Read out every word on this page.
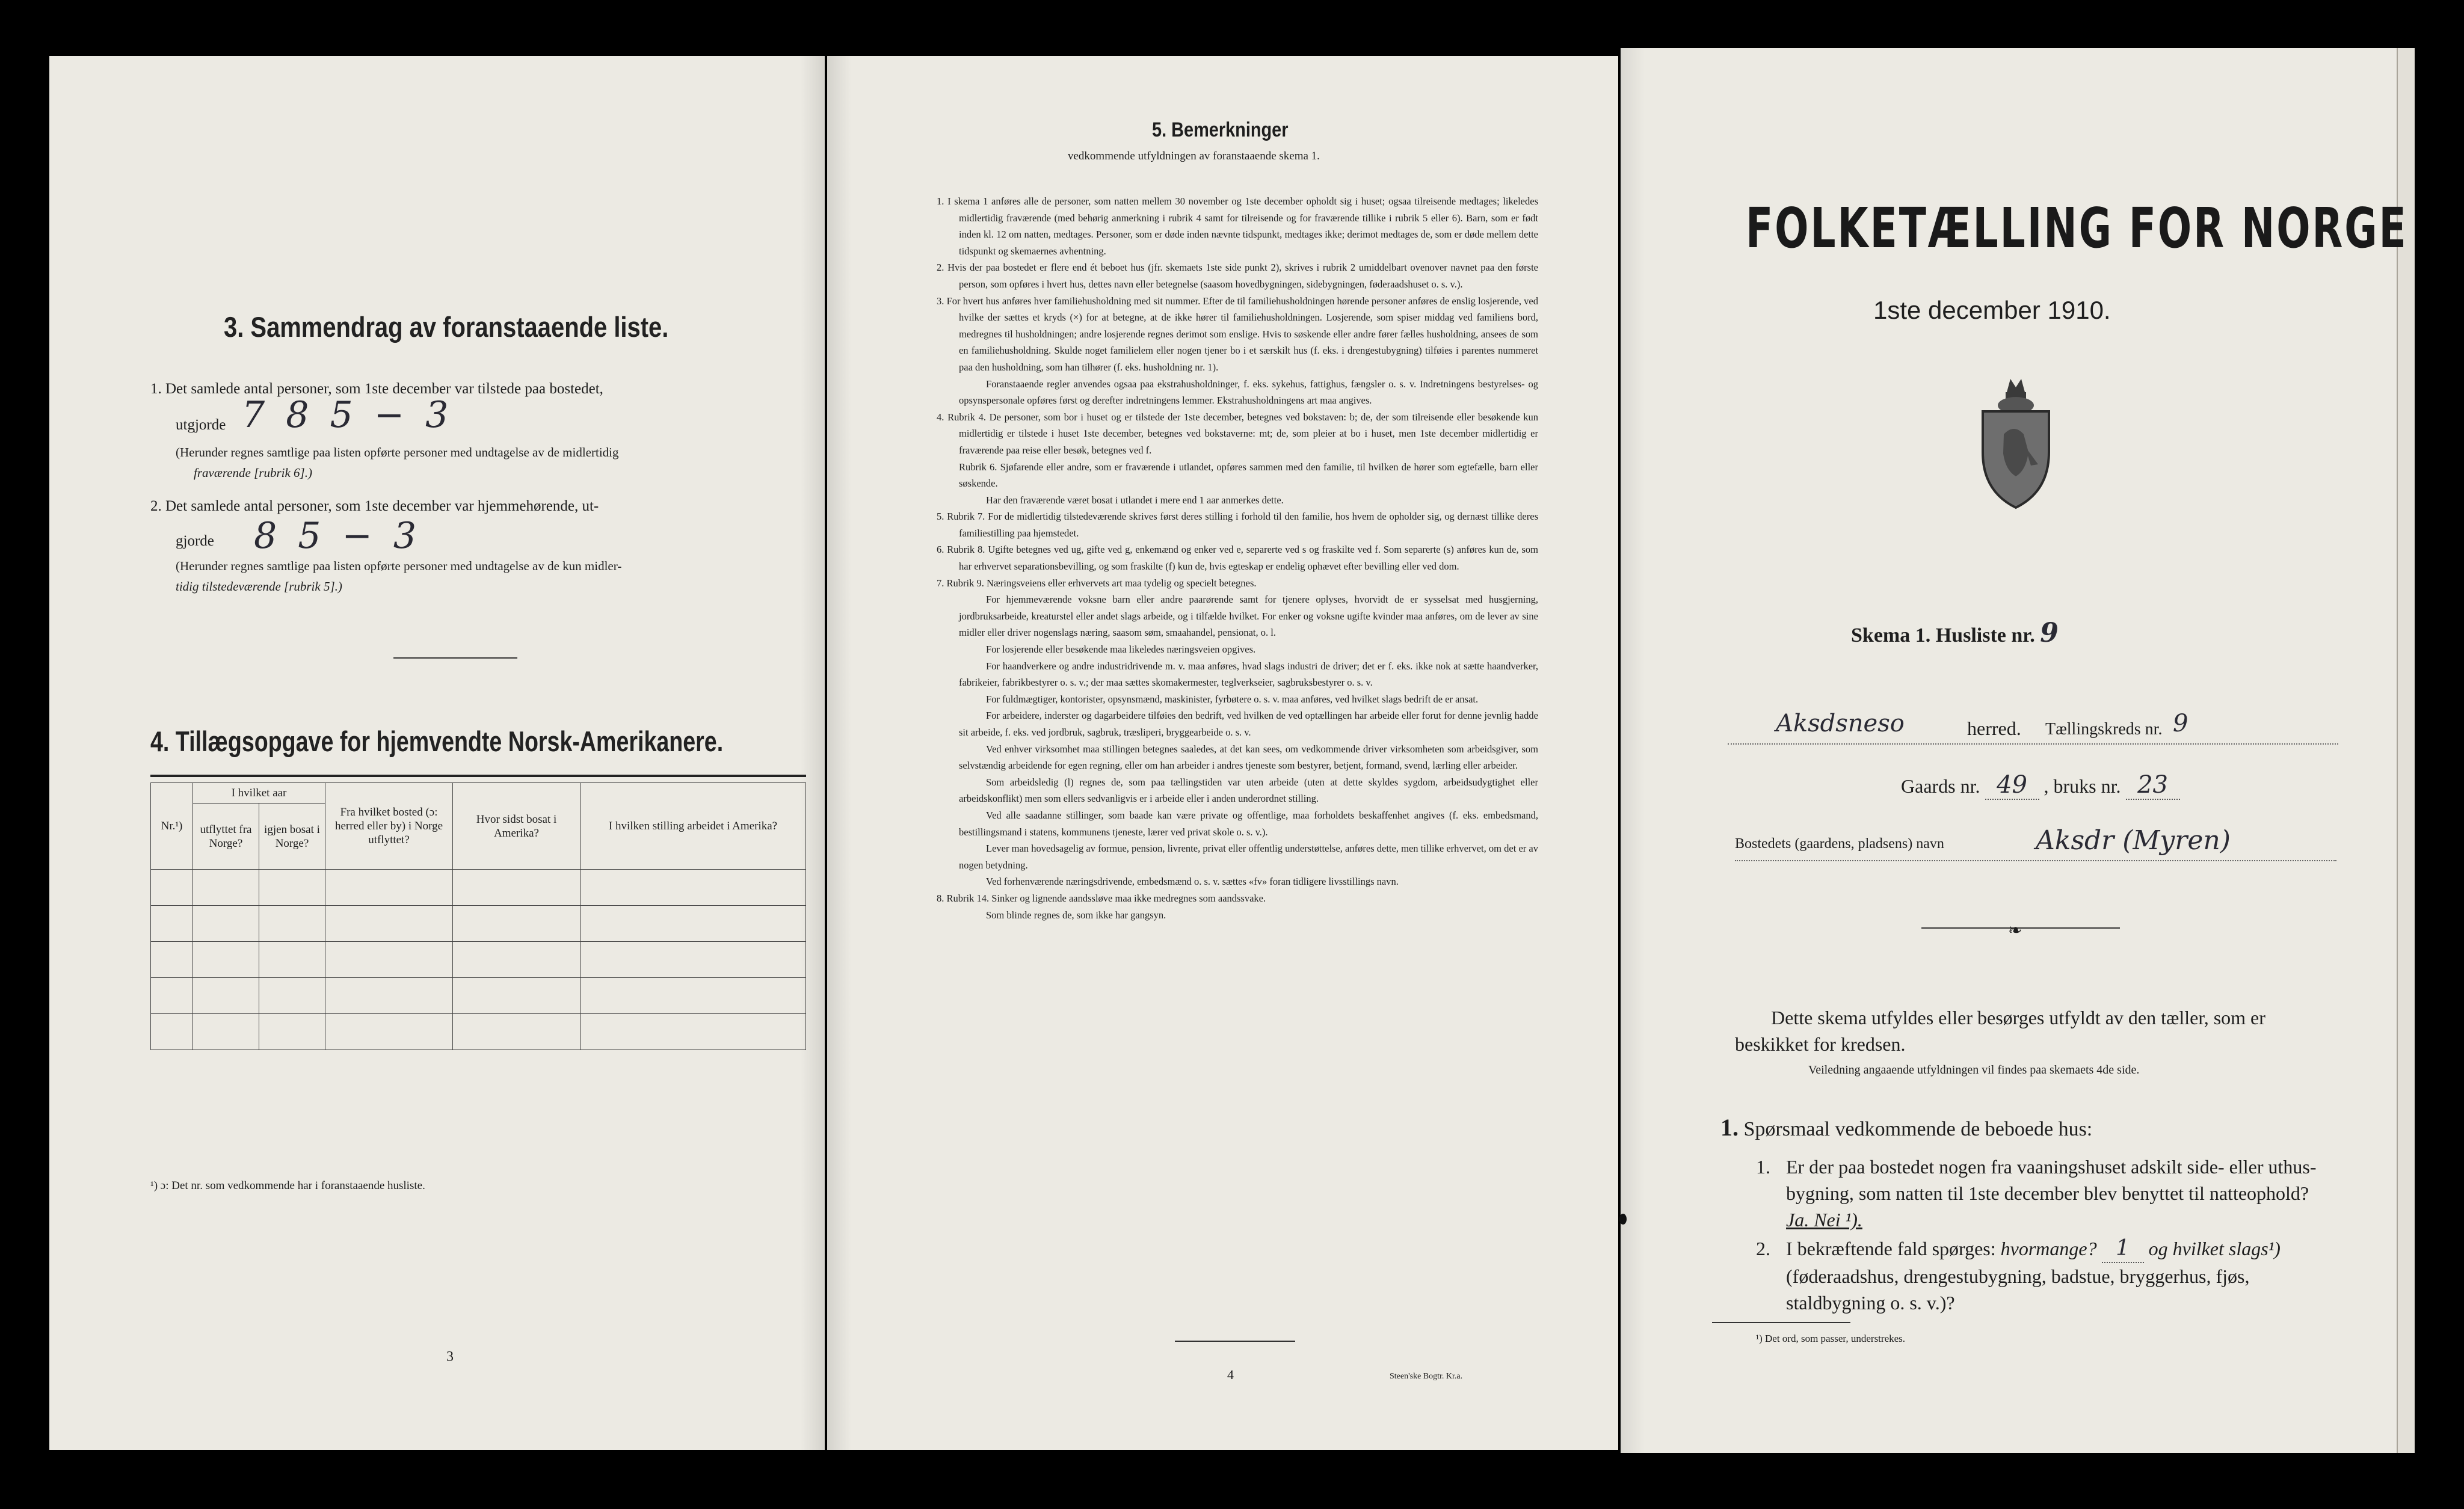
3. Sammendrag av foranstaaende liste.
1. Det samlede antal personer, som 1ste december var tilstede paa bostedet,
utgjorde 7 8 5 − 3
(Herunder regnes samtlige paa listen opførte personer med undtagelse av de midlertidig
fraværende [rubrik 6].)
2. Det samlede antal personer, som 1ste december var hjemmehørende, ut-
gjorde 8 5 − 3
(Herunder regnes samtlige paa listen opførte personer med undtagelse av de kun midler-
tidig tilstedeværende [rubrik 5].)
4. Tillægsopgave for hjemvendte Norsk-Amerikanere.
Nr.¹)	I hvilket aar		Fra hvilket bosted (ɔ: herred eller by) i Norge utflyttet?	Hvor sidst bosat i Amerika?	I hvilken stilling arbeidet i Amerika?
	utflyttet fra Norge?	igjen bosat i Norge?			

¹) ɔ: Det nr. som vedkommende har i foranstaaende husliste.
3
5. Bemerkninger
vedkommende utfyldningen av foranstaaende skema 1.

1. I skema 1 anføres alle de personer, som natten mellem 30 november og 1ste december opholdt sig i huset; ogsaa tilreisende medtages; likeledes midlertidig fraværende (med behørig anmerkning i rubrik 4 samt for tilreisende og for fraværende tillike i rubrik 5 eller 6). Barn, som er født inden kl. 12 om natten, medtages. Personer, som er døde inden nævnte tidspunkt, medtages ikke; derimot medtages de, som er døde mellem dette tidspunkt og skemaernes avhentning.

2. Hvis der paa bostedet er flere end ét beboet hus (jfr. skemaets 1ste side punkt 2), skrives i rubrik 2 umiddelbart ovenover navnet paa den første person, som opføres i hvert hus, dettes navn eller betegnelse (saasom hovedbygningen, sidebygningen, føderaadshuset o. s. v.).

3. For hvert hus anføres hver familiehusholdning med sit nummer. Efter de til familiehusholdningen hørende personer anføres de enslig losjerende, ved hvilke der sættes et kryds (×) for at betegne, at de ikke hører til familiehusholdningen. Losjerende, som spiser middag ved familiens bord, medregnes til husholdningen; andre losjerende regnes derimot som enslige. Hvis to søskende eller andre fører fælles husholdning, ansees de som en familiehusholdning. Skulde noget familielem eller nogen tjener bo i et særskilt hus (f. eks. i drengestubygning) tilføies i parentes nummeret paa den husholdning, som han tilhører (f. eks. husholdning nr. 1).

Foranstaaende regler anvendes ogsaa paa ekstrahusholdninger, f. eks. sykehus, fattighus, fængsler o. s. v. Indretningens bestyrelses- og opsynspersonale opføres først og derefter indretningens lemmer. Ekstrahusholdningens art maa angives.

4. Rubrik 4. De personer, som bor i huset og er tilstede der 1ste december, betegnes ved bokstaven: b; de, der som tilreisende eller besøkende kun midlertidig er tilstede i huset 1ste december, betegnes ved bokstaverne: mt; de, som pleier at bo i huset, men 1ste december midlertidig er fraværende paa reise eller besøk, betegnes ved f.

Rubrik 6. Sjøfarende eller andre, som er fraværende i utlandet, opføres sammen med den familie, til hvilken de hører som egtefælle, barn eller søskende.

Har den fraværende været bosat i utlandet i mere end 1 aar anmerkes dette.

5. Rubrik 7. For de midlertidig tilstedeværende skrives først deres stilling i forhold til den familie, hos hvem de opholder sig, og dernæst tillike deres familiestilling paa hjemstedet.

6. Rubrik 8. Ugifte betegnes ved ug, gifte ved g, enkemænd og enker ved e, separerte ved s og fraskilte ved f. Som separerte (s) anføres kun de, som har erhvervet separationsbevilling, og som fraskilte (f) kun de, hvis egteskap er endelig ophævet efter bevilling eller ved dom.

7. Rubrik 9. Næringsveiens eller erhvervets art maa tydelig og specielt betegnes.

For hjemmeværende voksne barn eller andre paarørende samt for tjenere oplyses, hvorvidt de er sysselsat med husgjerning, jordbruksarbeide, kreaturstel eller andet slags arbeide, og i tilfælde hvilket. For enker og voksne ugifte kvinder maa anføres, om de lever av sine midler eller driver nogenslags næring, saasom søm, smaahandel, pensionat, o. l.

For losjerende eller besøkende maa likeledes næringsveien opgives.

For haandverkere og andre industridrivende m. v. maa anføres, hvad slags industri de driver; det er f. eks. ikke nok at sætte haandverker, fabrikeier, fabrikbestyrer o. s. v.; der maa sættes skomakermester, teglverkseier, sagbruksbestyrer o. s. v.

For fuldmægtiger, kontorister, opsynsmænd, maskinister, fyrbøtere o. s. v. maa anføres, ved hvilket slags bedrift de er ansat.

For arbeidere, inderster og dagarbeidere tilføies den bedrift, ved hvilken de ved optællingen har arbeide eller forut for denne jevnlig hadde sit arbeide, f. eks. ved jordbruk, sagbruk, træsliperi, bryggearbeide o. s. v.

Ved enhver virksomhet maa stillingen betegnes saaledes, at det kan sees, om vedkommende driver virksomheten som arbeidsgiver, som selvstændig arbeidende for egen regning, eller om han arbeider i andres tjeneste som bestyrer, betjent, formand, svend, lærling eller arbeider.

Som arbeidsledig (l) regnes de, som paa tællingstiden var uten arbeide (uten at dette skyldes sygdom, arbeidsudygtighet eller arbeidskonflikt) men som ellers sedvanligvis er i arbeide eller i anden underordnet stilling.

Ved alle saadanne stillinger, som baade kan være private og offentlige, maa forholdets beskaffenhet angives (f. eks. embedsmand, bestillingsmand i statens, kommunens tjeneste, lærer ved privat skole o. s. v.).

Lever man hovedsagelig av formue, pension, livrente, privat eller offentlig understøttelse, anføres dette, men tillike erhvervet, om det er av nogen betydning.

Ved forhenværende næringsdrivende, embedsmænd o. s. v. sættes «fv» foran tidligere livsstillings navn.

8. Rubrik 14. Sinker og lignende aandssløve maa ikke medregnes som aandssvake.

Som blinde regnes de, som ikke har gangsyn.

4	Steen'ske Bogtr. Kr.a.
FOLKETÆLLING FOR NORGE
1ste december 1910.
Skema 1. Husliste nr. 9
Aksdsneso	herred. Tællingskreds nr. 9
Gaards nr. 49 , bruks nr. 23
Bostedets (gaardens, pladsens) navn	Aksdr (Myren)
❧
Dette skema utfyldes eller besørges utfyldt av den tæller, som er beskikket for kredsen.
Veiledning angaaende utfyldningen vil findes paa skemaets 4de side.
1. Spørsmaal vedkommende de beboede hus:
1. Er der paa bostedet nogen fra vaaningshuset adskilt side- eller uthus-bygning, som natten til 1ste december blev benyttet til natteophold? Ja. Nei ¹).
2. I bekræftende fald spørges: hvormange? 1 og hvilket slags¹) (føderaadshus, drengestubygning, badstue, bryggerhus, fjøs, staldbygning o. s. v.)?
¹) Det ord, som passer, understrekes.
